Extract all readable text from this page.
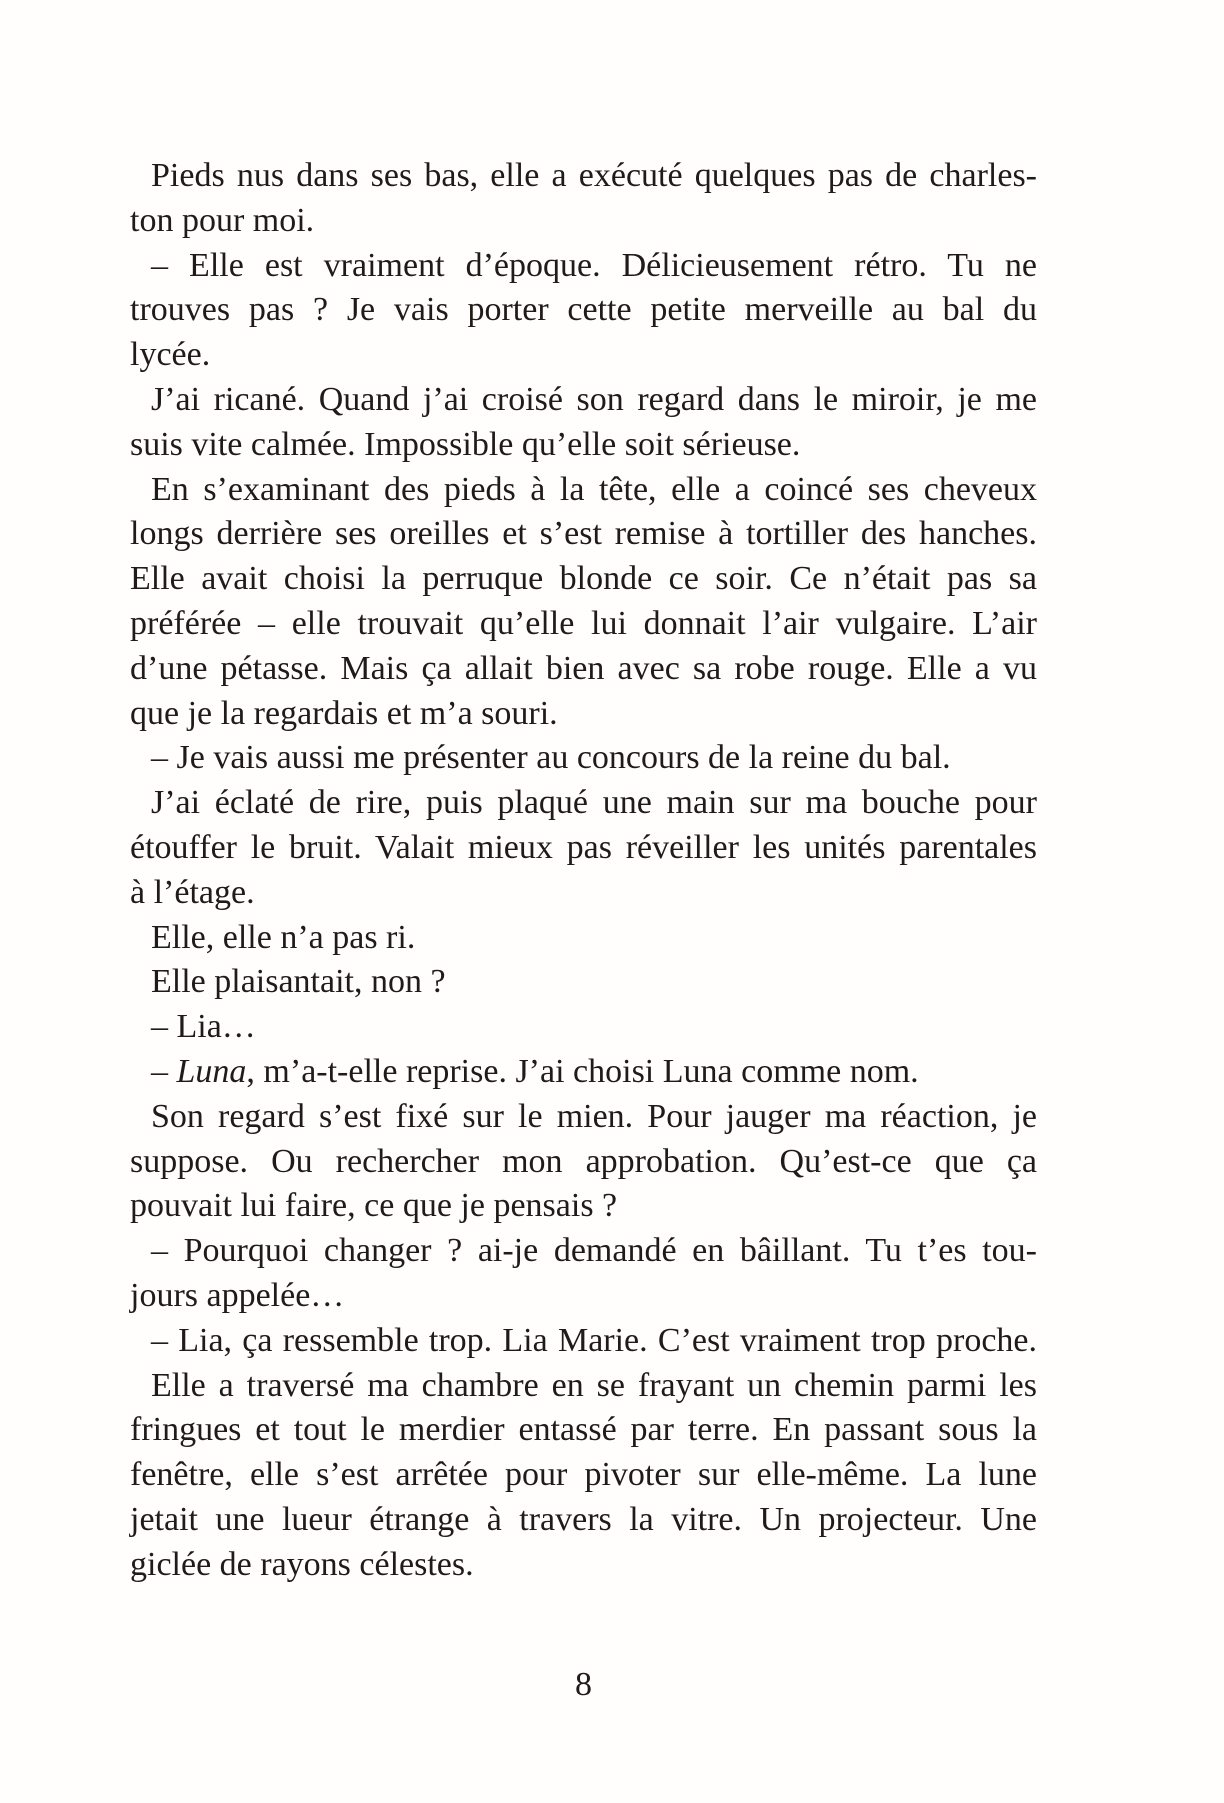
Pieds nus dans ses bas, elle a exécuté quelques pas de charles-
ton pour moi.
– Elle est vraiment d’époque. Délicieusement rétro. Tu ne
trouves pas ? Je vais porter cette petite merveille au bal du
lycée.
J’ai ricané. Quand j’ai croisé son regard dans le miroir, je me
suis vite calmée. Impossible qu’elle soit sérieuse.
En s’examinant des pieds à la tête, elle a coincé ses cheveux
longs derrière ses oreilles et s’est remise à tortiller des hanches.
Elle avait choisi la perruque blonde ce soir. Ce n’était pas sa
préférée – elle trouvait qu’elle lui donnait l’air vulgaire. L’air
d’une pétasse. Mais ça allait bien avec sa robe rouge. Elle a vu
que je la regardais et m’a souri.
– Je vais aussi me présenter au concours de la reine du bal.
J’ai éclaté de rire, puis plaqué une main sur ma bouche pour
étouffer le bruit. Valait mieux pas réveiller les unités parentales
à l’étage.
Elle, elle n’a pas ri.
Elle plaisantait, non ?
– Lia…
– Luna, m’a-t-elle reprise. J’ai choisi Luna comme nom.
Son regard s’est fixé sur le mien. Pour jauger ma réaction, je
suppose. Ou rechercher mon approbation. Qu’est-ce que ça
pouvait lui faire, ce que je pensais ?
– Pourquoi changer ? ai-je demandé en bâillant. Tu t’es tou-
jours appelée…
– Lia, ça ressemble trop. Lia Marie. C’est vraiment trop proche.
Elle a traversé ma chambre en se frayant un chemin parmi les
fringues et tout le merdier entassé par terre. En passant sous la
fenêtre, elle s’est arrêtée pour pivoter sur elle-même. La lune
jetait une lueur étrange à travers la vitre. Un projecteur. Une
giclée de rayons célestes.
8
